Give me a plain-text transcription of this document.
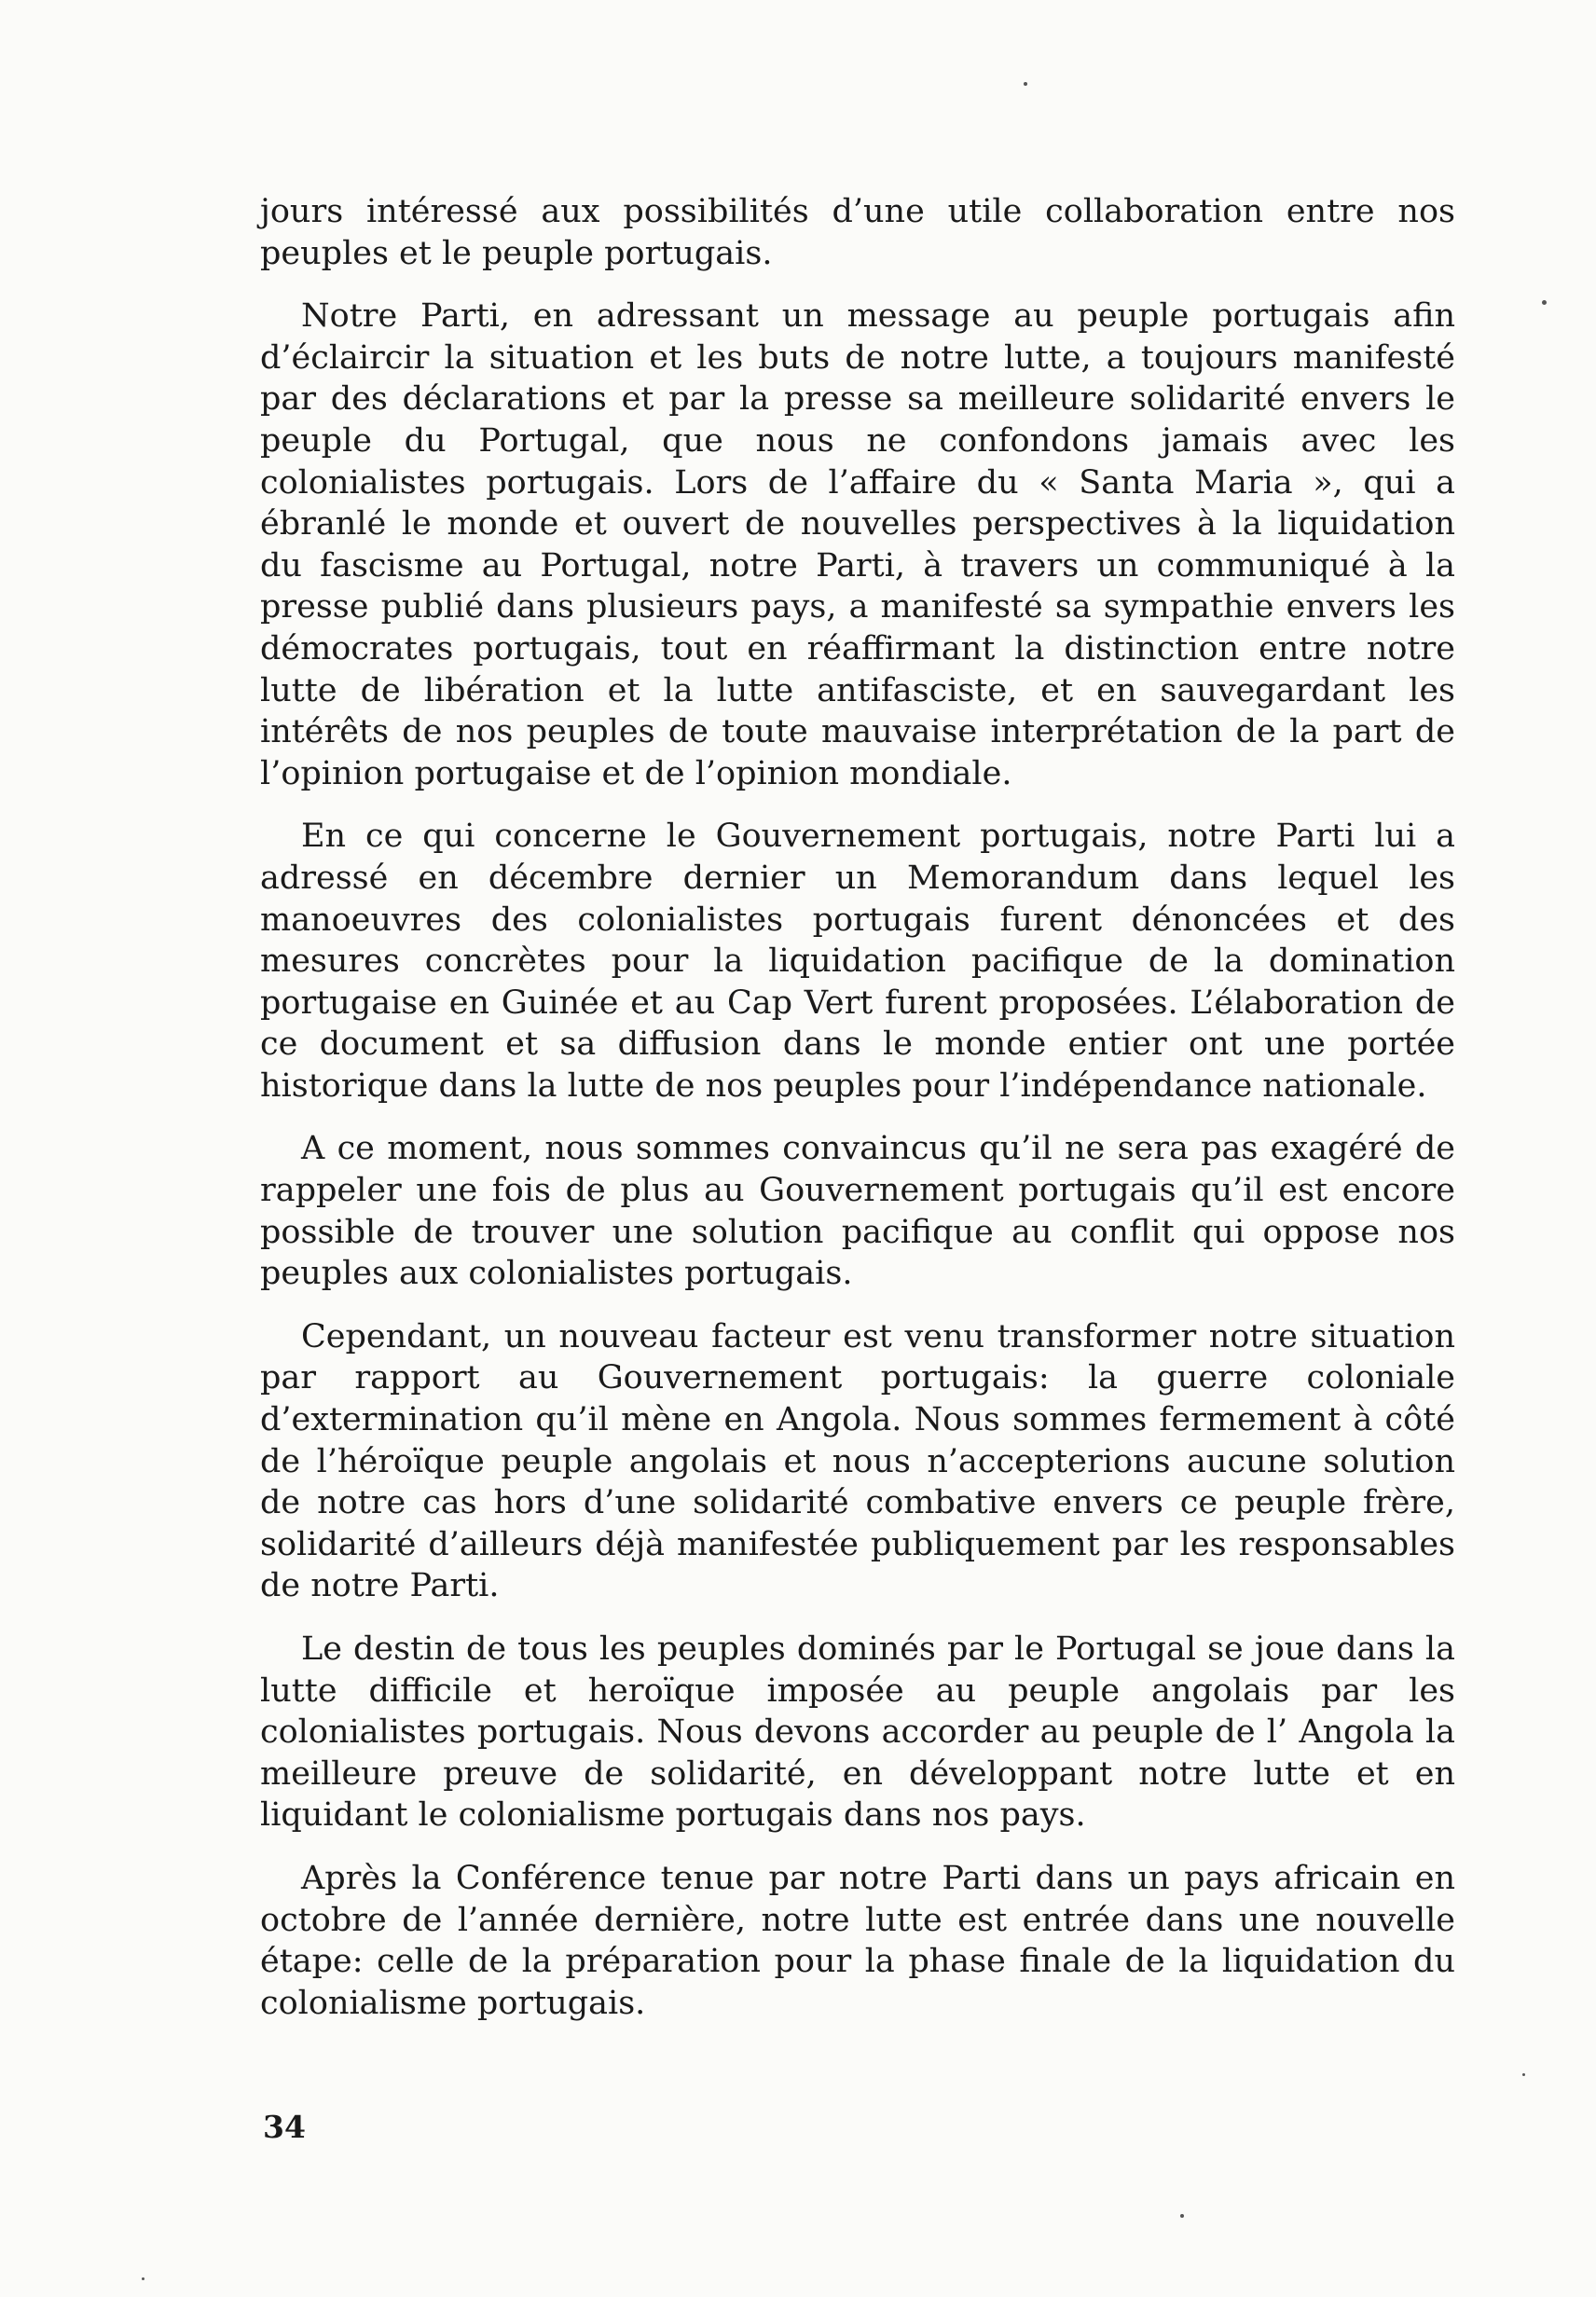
jours intéressé aux possibilités d’une utile collaboration entre nos peuples et le peuple portugais.

Notre Parti, en adressant un message au peuple portugais afin d’éclaircir la situation et les buts de notre lutte, a toujours manifesté par des déclarations et par la presse sa meilleure solidarité envers le peuple du Portugal, que nous ne confondons jamais avec les colonialistes portugais. Lors de l’affaire du « Santa Maria », qui a ébranlé le monde et ouvert de nouvelles perspectives à la liquidation du fascisme au Portugal, notre Parti, à travers un communiqué à la presse publié dans plusieurs pays, a manifesté sa sympathie envers les démocrates portugais, tout en réaffirmant la distinction entre notre lutte de libération et la lutte antifasciste, et en sauvegardant les intérêts de nos peuples de toute mauvaise interprétation de la part de l’opinion portugaise et de l’opinion mondiale.

En ce qui concerne le Gouvernement portugais, notre Parti lui a adressé en décembre dernier un Memorandum dans lequel les manoeuvres des colonialistes portugais furent dénoncées et des mesures concrètes pour la liquidation pacifique de la domination portugaise en Guinée et au Cap Vert furent proposées. L’élaboration de ce document et sa diffusion dans le monde entier ont une portée historique dans la lutte de nos peuples pour l’indépendance nationale.

A ce moment, nous sommes convaincus qu’il ne sera pas exagéré de rappeler une fois de plus au Gouvernement portugais qu’il est encore possible de trouver une solution pacifique au conflit qui oppose nos peuples aux colonialistes portugais.

Cependant, un nouveau facteur est venu transformer notre situation par rapport au Gouvernement portugais: la guerre coloniale d’extermination qu’il mène en Angola. Nous sommes fermement à côté de l’héroïque peuple angolais et nous n’accepterions aucune solution de notre cas hors d’une solidarité combative envers ce peuple frère, solidarité d’ailleurs déjà manifestée publiquement par les responsables de notre Parti.

Le destin de tous les peuples dominés par le Portugal se joue dans la lutte difficile et heroïque imposée au peuple angolais par les colonialistes portugais. Nous devons accorder au peuple de l’ Angola la meilleure preuve de solidarité, en développant notre lutte et en liquidant le colonialisme portugais dans nos pays.

Après la Conférence tenue par notre Parti dans un pays africain en octobre de l’année dernière, notre lutte est entrée dans une nouvelle étape: celle de la préparation pour la phase finale de la liquidation du colonialisme portugais.

34
